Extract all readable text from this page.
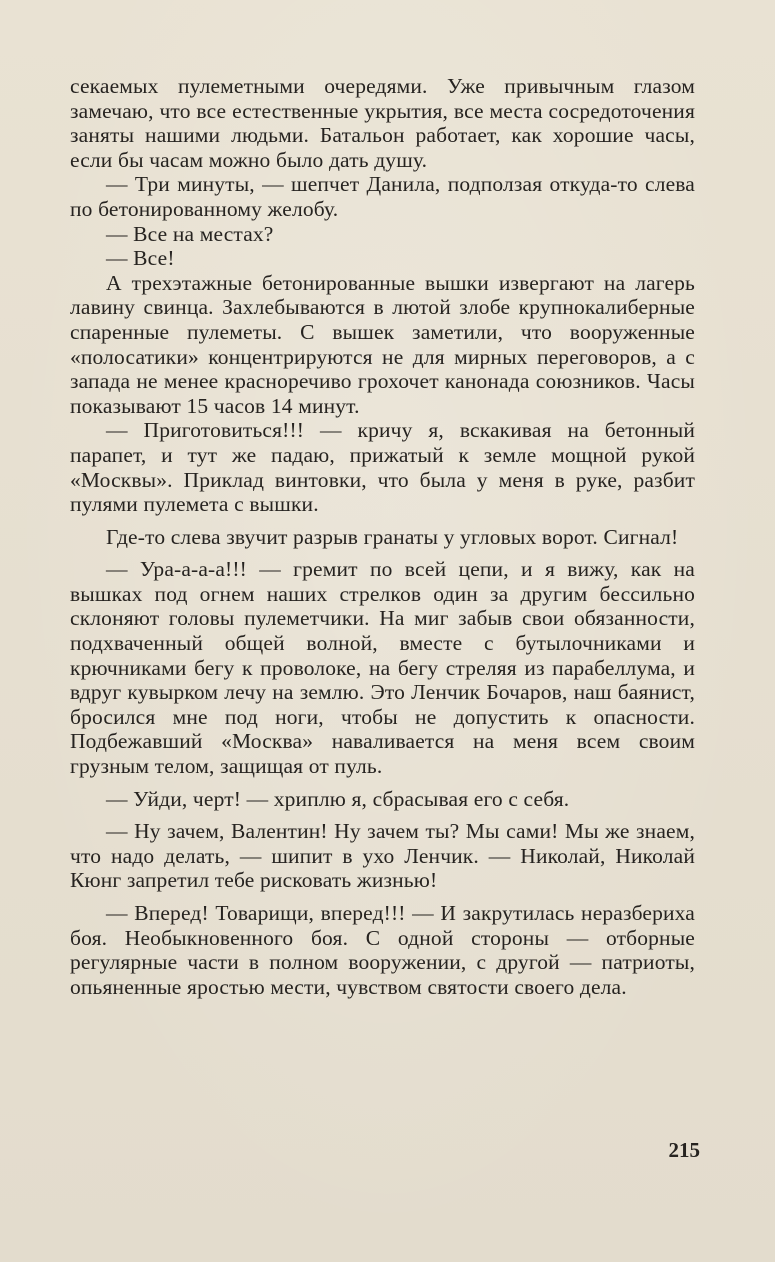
секаемых пулеметными очередями. Уже привычным глазом замечаю, что все естественные укрытия, все места сосредоточения заняты нашими людьми. Батальон работает, как хорошие часы, если бы часам можно было дать душу.

— Три минуты, — шепчет Данила, подползая откуда-то слева по бетонированному желобу.

— Все на местах?

— Все!

А трехэтажные бетонированные вышки извергают на лагерь лавину свинца. Захлебываются в лютой злобе крупнокалиберные спаренные пулеметы. С вышек заметили, что вооруженные «полосатики» концентрируются не для мирных переговоров, а с запада не менее красноречиво грохочет канонада союзников. Часы показывают 15 часов 14 минут.

— Приготовиться!!! — кричу я, вскакивая на бетонный парапет, и тут же падаю, прижатый к земле мощной рукой «Москвы». Приклад винтовки, что была у меня в руке, разбит пулями пулемета с вышки.

Где-то слева звучит разрыв гранаты у угловых ворот. Сигнал!

— Ура-а-а-а!!! — гремит по всей цепи, и я вижу, как на вышках под огнем наших стрелков один за другим бессильно склоняют головы пулеметчики. На миг забыв свои обязанности, подхваченный общей волной, вместе с бутылочниками и крючниками бегу к проволоке, на бегу стреляя из парабеллума, и вдруг кувырком лечу на землю. Это Ленчик Бочаров, наш баянист, бросился мне под ноги, чтобы не допустить к опасности. Подбежавший «Москва» наваливается на меня всем своим грузным телом, защищая от пуль.

— Уйди, черт! — хриплю я, сбрасывая его с себя.

— Ну зачем, Валентин! Ну зачем ты? Мы сами! Мы же знаем, что надо делать, — шипит в ухо Ленчик. — Николай, Николай Кюнг запретил тебе рисковать жизнью!

— Вперед! Товарищи, вперед!!! — И закрутилась неразбериха боя. Необыкновенного боя. С одной стороны — отборные регулярные части в полном вооружении, с другой — патриоты, опьяненные яростью мести, чувством святости своего дела.

215
